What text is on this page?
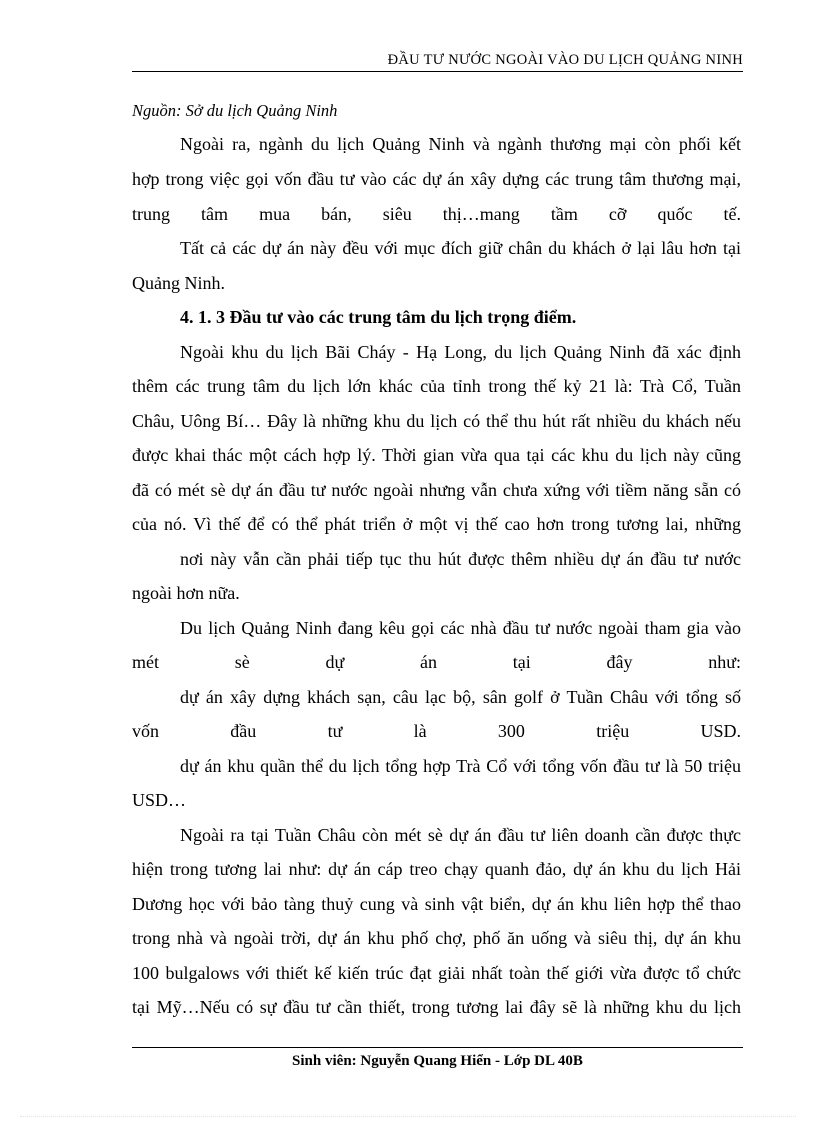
ĐẦU TƯ NƯỚC NGOÀI VÀO DU LỊCH QUẢNG NINH
Nguồn: Sở du lịch Quảng Ninh
Ngoài ra, ngành du lịch Quảng Ninh và ngành thương mại còn phối kết
hợp trong việc gọi vốn đầu tư vào các dự án xây dựng các trung tâm thương mại,
trung tâm mua bán, siêu thị…mang tầm cỡ quốc tế.
Tất cả các dự án này đều với mục đích giữ chân du khách ở lại lâu hơn tại
Quảng Ninh.
4. 1. 3 Đầu tư vào các trung tâm du lịch trọng điểm.
Ngoài khu du lịch Bãi Cháy - Hạ Long, du lịch Quảng Ninh đã xác định
thêm các trung tâm du lịch lớn khác của tỉnh trong thế kỷ 21 là: Trà Cổ, Tuần
Châu, Uông Bí… Đây là những khu du lịch có thể thu hút rất nhiều du khách nếu
được khai thác một cách hợp lý. Thời gian vừa qua tại các khu du lịch này cũng
đã có mét sè dự án đầu tư nước ngoài nhưng vẫn chưa xứng với tiềm năng sẵn có
của nó. Vì thế để có thể phát triển ở một vị thế cao hơn trong tương lai, những
nơi này vẫn cần phải tiếp tục thu hút được thêm nhiều dự án đầu tư nước
ngoài hơn nữa.
Du lịch Quảng Ninh đang kêu gọi các nhà đầu tư nước ngoài tham gia vào
mét sè dự án tại đây như:
dự án xây dựng khách sạn, câu lạc bộ, sân golf ở Tuần Châu với tổng số
vốn đầu tư là 300 triệu USD.
dự án khu quần thể du lịch tổng hợp Trà Cổ với tổng vốn đầu tư là 50 triệu
USD…
Ngoài ra tại Tuần Châu còn mét sè dự án đầu tư liên doanh cần được thực
hiện trong tương lai như: dự án cáp treo chạy quanh đảo, dự án khu du lịch Hải
Dương học với bảo tàng thuỷ cung và sinh vật biển, dự án khu liên hợp thể thao
trong nhà và ngoài trời, dự án khu phố chợ, phố ăn uống và siêu thị, dự án khu
100 bulgalows với thiết kế kiến trúc đạt giải nhất toàn thế giới vừa được tổ chức
tại Mỹ…Nếu có sự đầu tư cần thiết, trong tương lai đây sẽ là những khu du lịch
Sinh viên: Nguyễn Quang Hiển - Lớp DL 40B
